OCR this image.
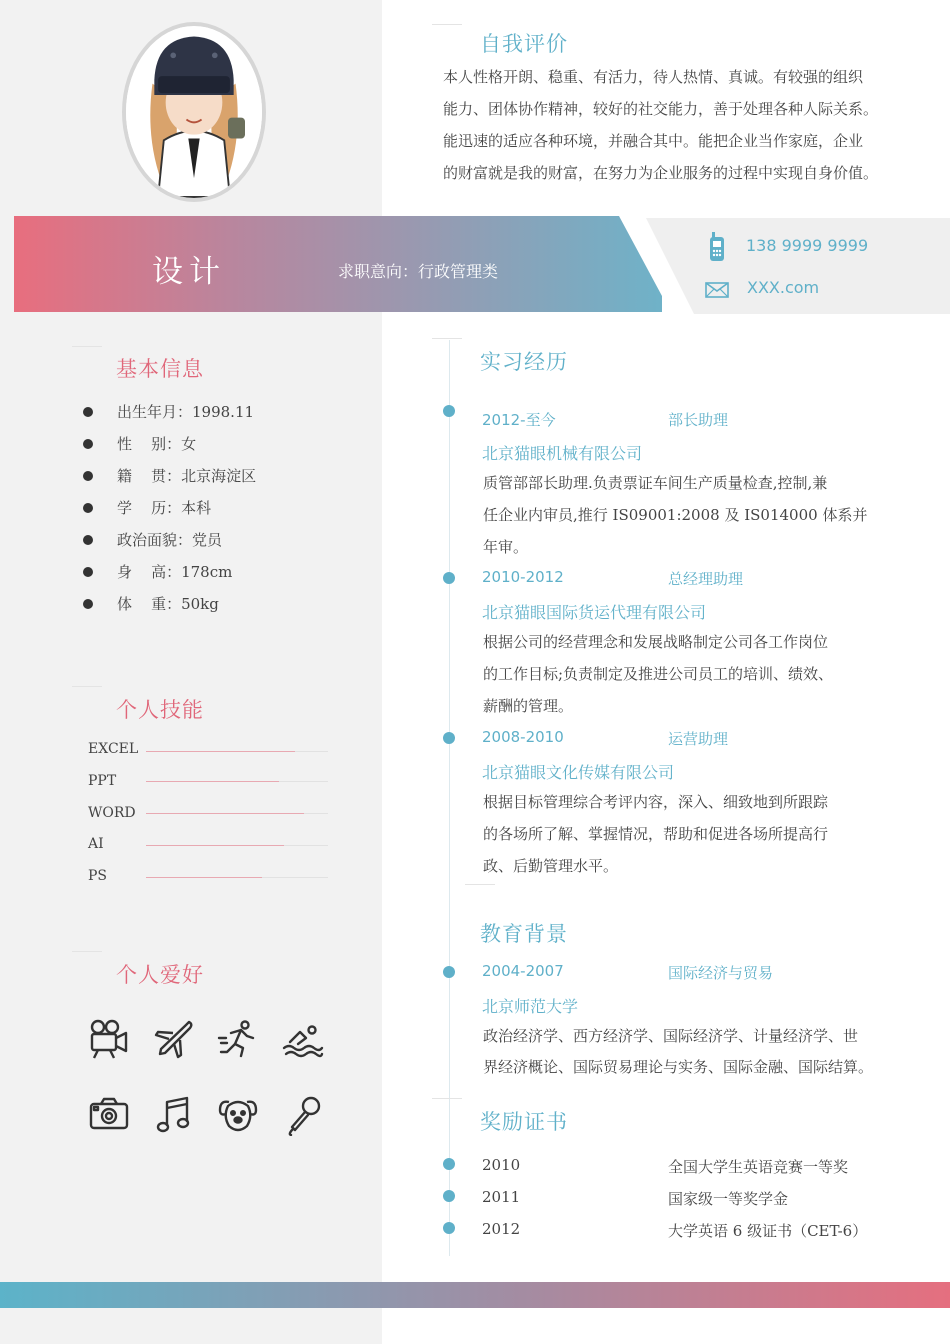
自我评价

本人性格开朗、稳重、有活力，待人热情、真诚。有较强的组织

能力、团体协作精神，较好的社交能力，善于处理各种人际关系。

能迅速的适应各种环境，并融合其中。能把企业当作家庭，企业

的财富就是我的财富，在努力为企业服务的过程中实现自身价值。

设计	求职意向：行政管理类
138 9999 9999
XXX.com
基本信息
出生年月：1998.11
性    别：女
籍    贯：北京海淀区
学    历：本科
政治面貌：党员
身    高：178cm
体    重：50kg
个人技能
EXCEL
PPT
WORD
AI
PS
个人爱好
实习经历
2012-至今	部长助理
北京猫眼机械有限公司

质管部部长助理.负责票证车间生产质量检查,控制,兼

任企业内审员,推行 IS09001:2008 及 IS014000 体系并

年审。

2010-2012	总经理助理
北京猫眼国际货运代理有限公司

根据公司的经营理念和发展战略制定公司各工作岗位

的工作目标;负责制定及推进公司员工的培训、绩效、

薪酬的管理。

2008-2010	运营助理
北京猫眼文化传媒有限公司

根据目标管理综合考评内容，深入、细致地到所跟踪

的各场所了解、掌握情况，帮助和促进各场所提高行

政、后勤管理水平。

教育背景
2004-2007	国际经济与贸易
北京师范大学

政治经济学、西方经济学、国际经济学、计量经济学、世

界经济概论、国际贸易理论与实务、国际金融、国际结算。

奖励证书
2010	全国大学生英语竞赛一等奖
2011	国家级一等奖学金
2012	大学英语 6 级证书（CET-6）
